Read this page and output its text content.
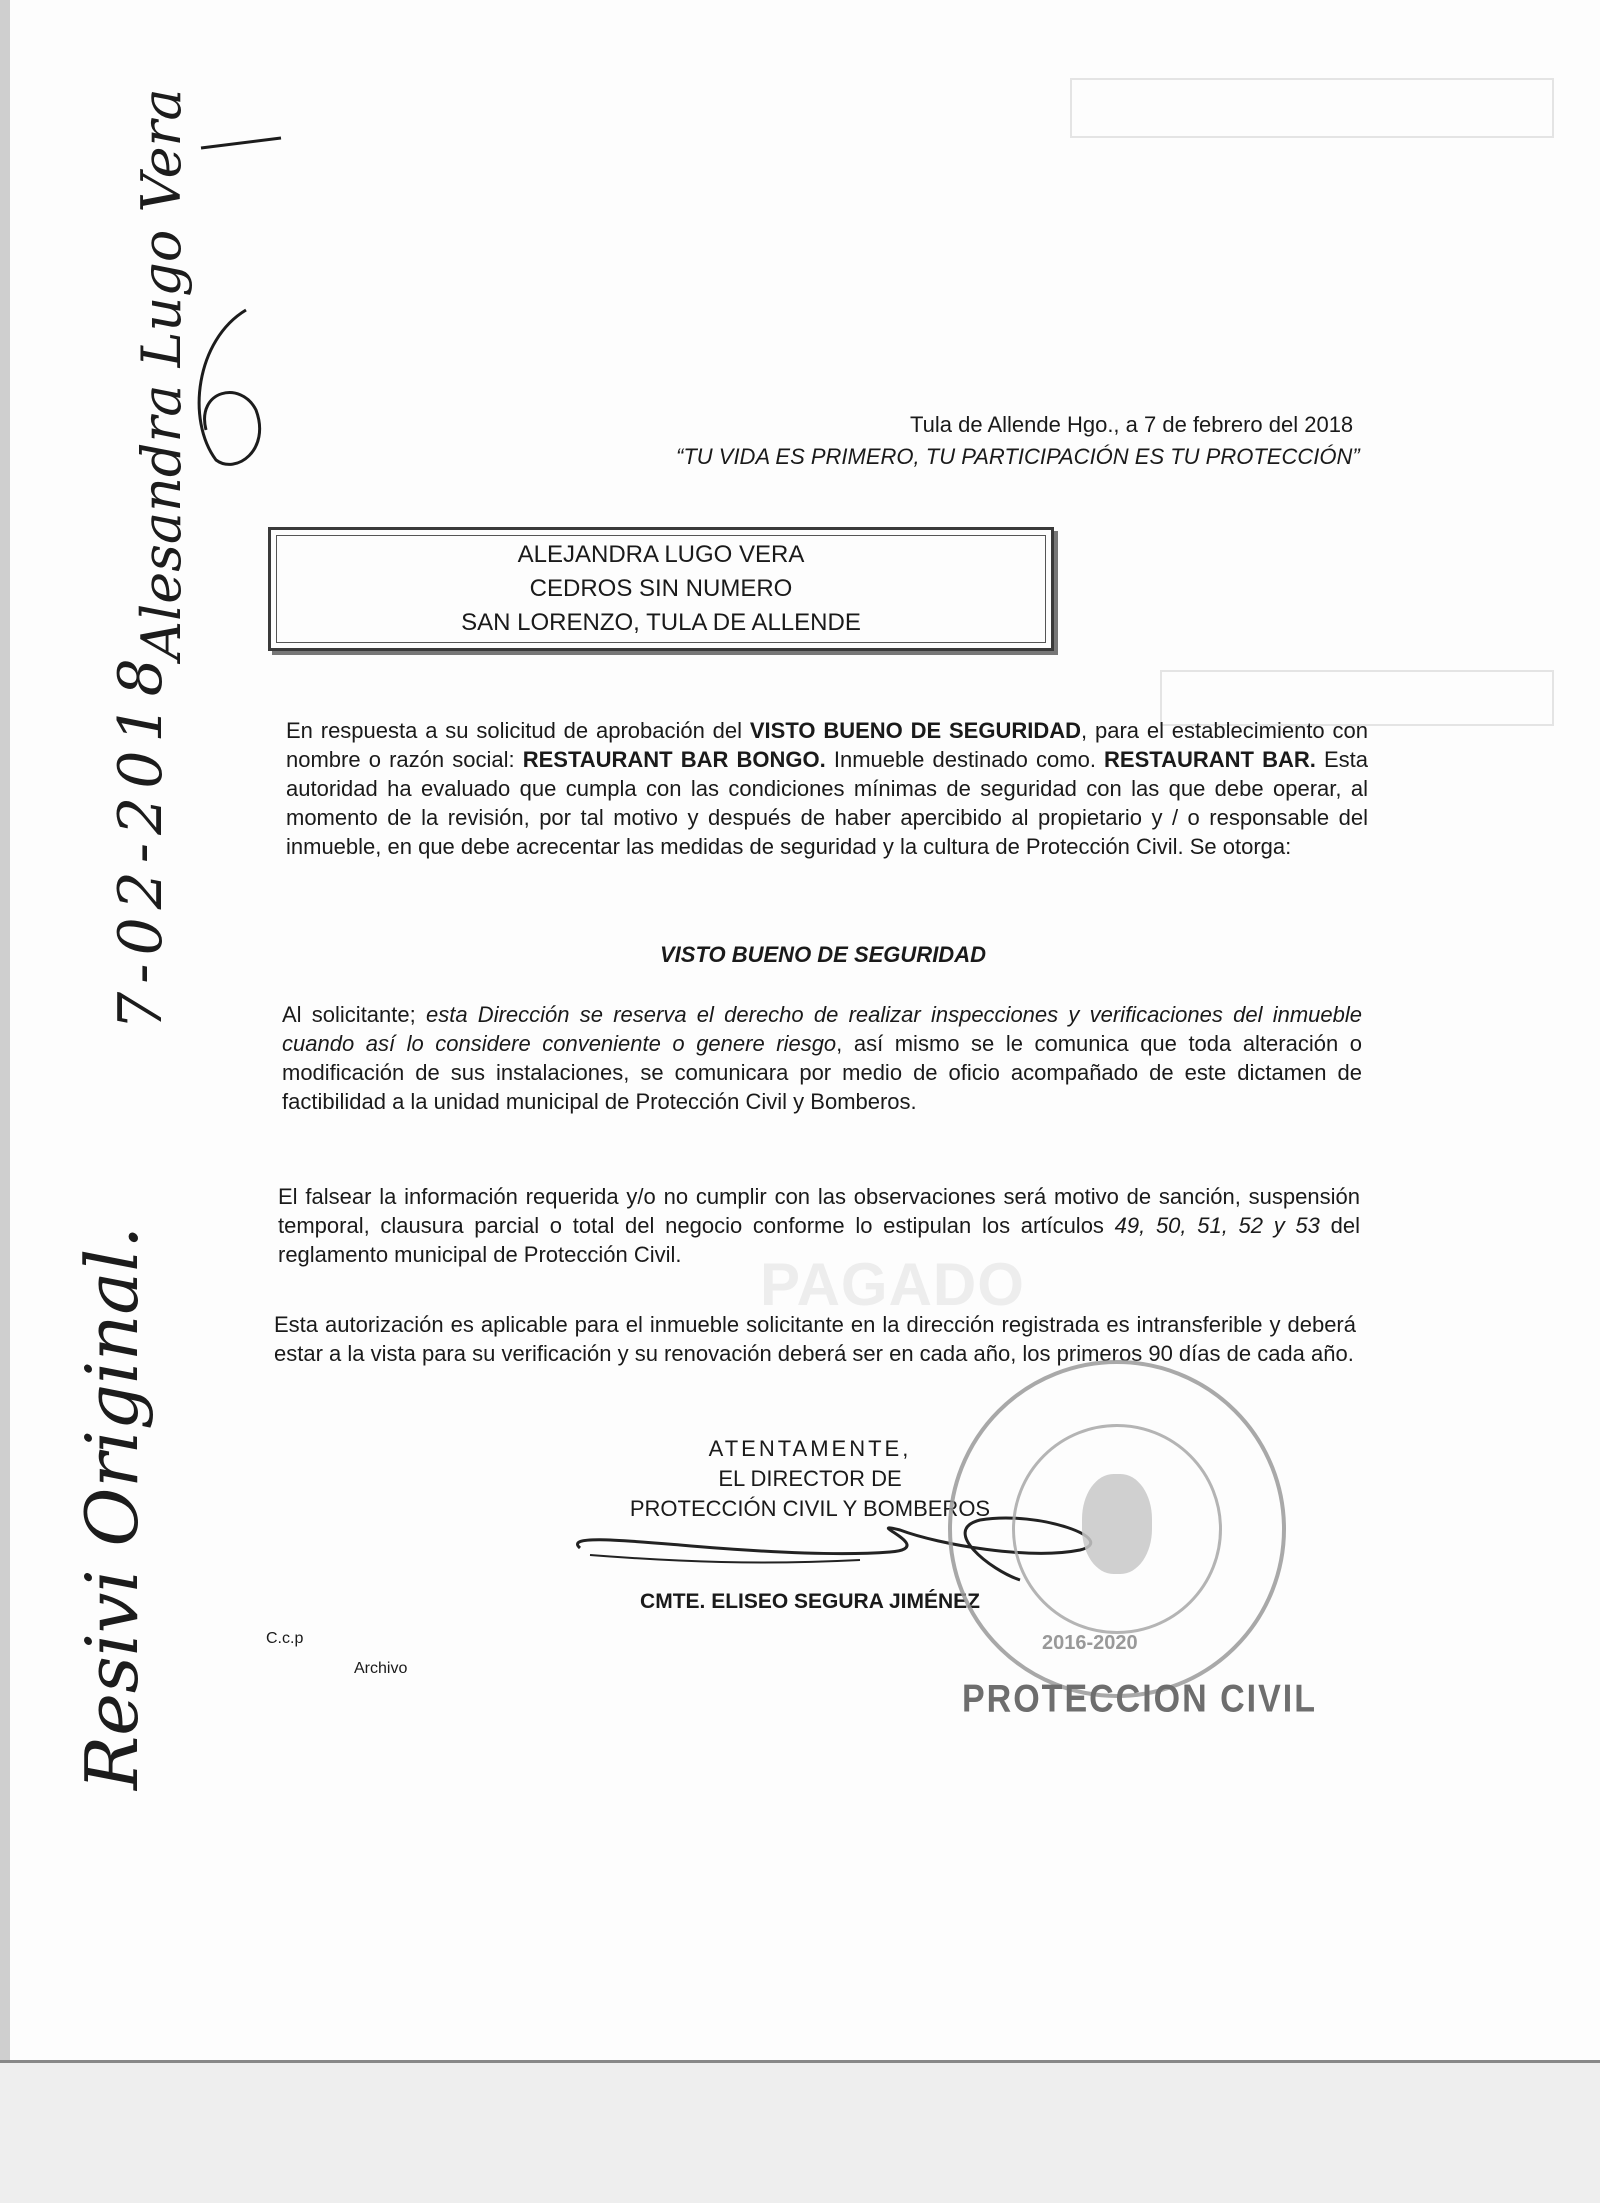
PAGADO
Tula de Allende Hgo., a 7 de febrero del 2018
“TU VIDA ES PRIMERO, TU PARTICIPACIÓN ES TU PROTECCIÓN”
ALEJANDRA LUGO VERA
CEDROS SIN NUMERO
SAN LORENZO, TULA DE ALLENDE
En respuesta a su solicitud de aprobación del VISTO BUENO DE SEGURIDAD, para el establecimiento con nombre o razón social: RESTAURANT BAR BONGO. Inmueble destinado como. RESTAURANT BAR. Esta autoridad ha evaluado que cumpla con las condiciones mínimas de seguridad con las que debe operar, al momento de la revisión, por tal motivo y después de haber apercibido al propietario y / o responsable del inmueble, en que debe acrecentar las medidas de seguridad y la cultura de Protección Civil. Se otorga:
VISTO BUENO DE SEGURIDAD
Al solicitante; esta Dirección se reserva el derecho de realizar inspecciones y verificaciones del inmueble cuando así lo considere conveniente o genere riesgo, así mismo se le comunica que toda alteración o modificación de sus instalaciones, se comunicara por medio de oficio acompañado de este dictamen de factibilidad a la unidad municipal de Protección Civil y Bomberos.
El falsear la información requerida y/o no cumplir con las observaciones será motivo de sanción, suspensión temporal, clausura parcial o total del negocio conforme lo estipulan los artículos 49, 50, 51, 52 y 53 del reglamento municipal de Protección Civil.
Esta autorización es aplicable para el inmueble solicitante en la dirección registrada es intransferible y deberá estar a la vista para su verificación y su renovación deberá ser en cada año, los primeros 90 días de cada año.
ATENTAMENTE,
EL DIRECTOR DE
PROTECCIÓN CIVIL Y BOMBEROS
CMTE. ELISEO SEGURA JIMÉNEZ
C.c.p
Archivo
2016-2020
PROTECCION CIVIL
Resivi Original.
7-02-2018
Alesandra Lugo Vera
